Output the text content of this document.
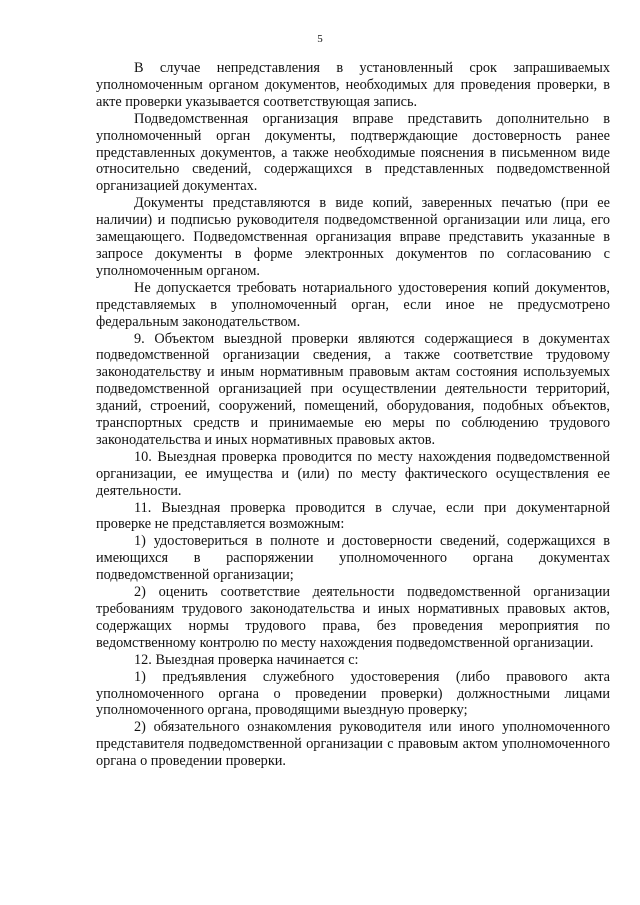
5

В случае непредставления в установленный срок запрашиваемых уполномоченным органом документов, необходимых для проведения проверки, в акте проверки указывается соответствующая запись.

Подведомственная организация вправе представить дополнительно в уполномоченный орган документы, подтверждающие достоверность ранее представленных документов, а также необходимые пояснения в письменном виде относительно сведений, содержащихся в представленных подведомственной организацией документах.

Документы представляются в виде копий, заверенных печатью (при ее наличии) и подписью руководителя подведомственной организации или лица, его замещающего. Подведомственная организация вправе представить указанные в запросе документы в форме электронных документов по согласованию с уполномоченным органом.

Не допускается требовать нотариального удостоверения копий документов, представляемых в уполномоченный орган, если иное не предусмотрено федеральным законодательством.

9. Объектом выездной проверки являются содержащиеся в документах подведомственной организации сведения, а также соответствие трудовому законодательству и иным нормативным правовым актам состояния используемых подведомственной организацией при осуществлении деятельности территорий, зданий, строений, сооружений, помещений, оборудования, подобных объектов, транспортных средств и принимаемые ею меры по соблюдению трудового законодательства и иных нормативных правовых актов.

10. Выездная проверка проводится по месту нахождения подведомственной организации, ее имущества и (или) по месту фактического осуществления ее деятельности.

11. Выездная проверка проводится в случае, если при документарной проверке не представляется возможным:

1) удостовериться в полноте и достоверности сведений, содержащихся в имеющихся в распоряжении уполномоченного органа документах подведомственной организации;

2) оценить соответствие деятельности подведомственной организации требованиям трудового законодательства и иных нормативных правовых актов, содержащих нормы трудового права, без проведения мероприятия по ведомственному контролю по месту нахождения подведомственной организации.

12. Выездная проверка начинается с:

1) предъявления служебного удостоверения (либо правового акта уполномоченного органа о проведении проверки) должностными лицами уполномоченного органа, проводящими выездную проверку;

2) обязательного ознакомления руководителя или иного уполномоченного представителя подведомственной организации с правовым актом уполномоченного органа о проведении проверки.
